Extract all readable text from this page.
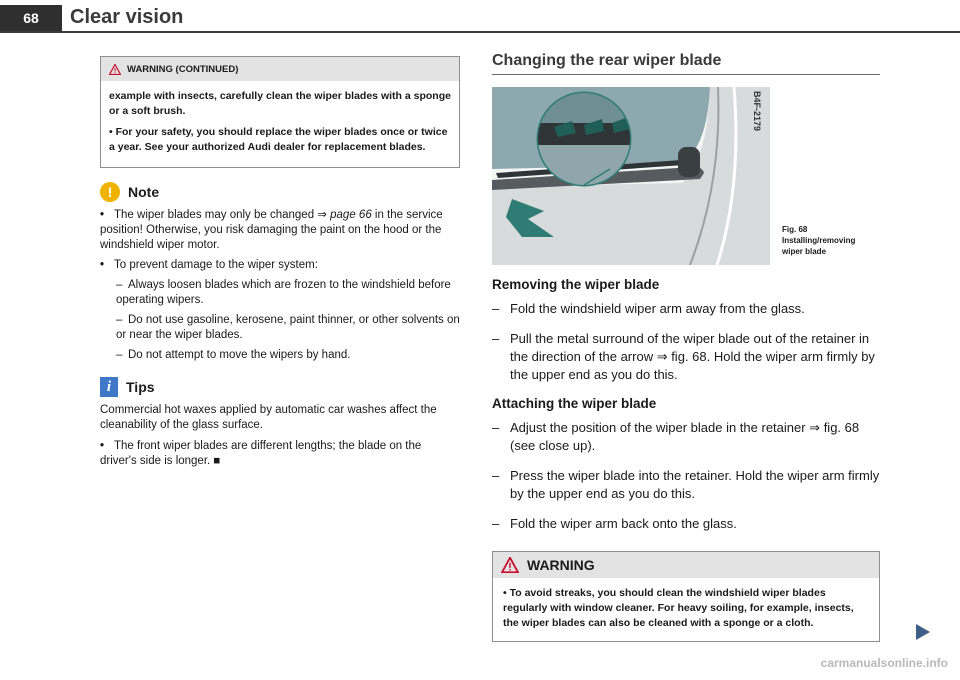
68	Clear vision
WARNING (CONTINUED)

example with insects, carefully clean the wiper blades with a sponge or a soft brush.

• For your safety, you should replace the wiper blades once or twice a year. See your authorized Audi dealer for replacement blades.

!	Note
• The wiper blades may only be changed ⇒ page 66 in the service position! Otherwise, you risk damaging the paint on the hood or the windshield wiper motor.
• To prevent damage to the wiper system:
– Always loosen blades which are frozen to the windshield before operating wipers.
– Do not use gasoline, kerosene, paint thinner, or other solvents on or near the wiper blades.
– Do not attempt to move the wipers by hand.
i	Tips
Commercial hot waxes applied by automatic car washes affect the cleanability of the glass surface.
• The front wiper blades are different lengths; the blade on the driver's side is longer. ■
Changing the rear wiper blade
B4F-2179
Fig. 68 Installing/removing wiper blade
Removing the wiper blade
– Fold the windshield wiper arm away from the glass.
– Pull the metal surround of the wiper blade out of the retainer in the direction of the arrow ⇒ fig. 68. Hold the wiper arm firmly by the upper end as you do this.
Attaching the wiper blade
– Adjust the position of the wiper blade in the retainer ⇒ fig. 68 (see close up).
– Press the wiper blade into the retainer. Hold the wiper arm firmly by the upper end as you do this.
– Fold the wiper arm back onto the glass.
WARNING
• To avoid streaks, you should clean the windshield wiper blades regularly with window cleaner. For heavy soiling, for example, insects, the wiper blades can also be cleaned with a sponge or a cloth.
carmanualsonline.info
